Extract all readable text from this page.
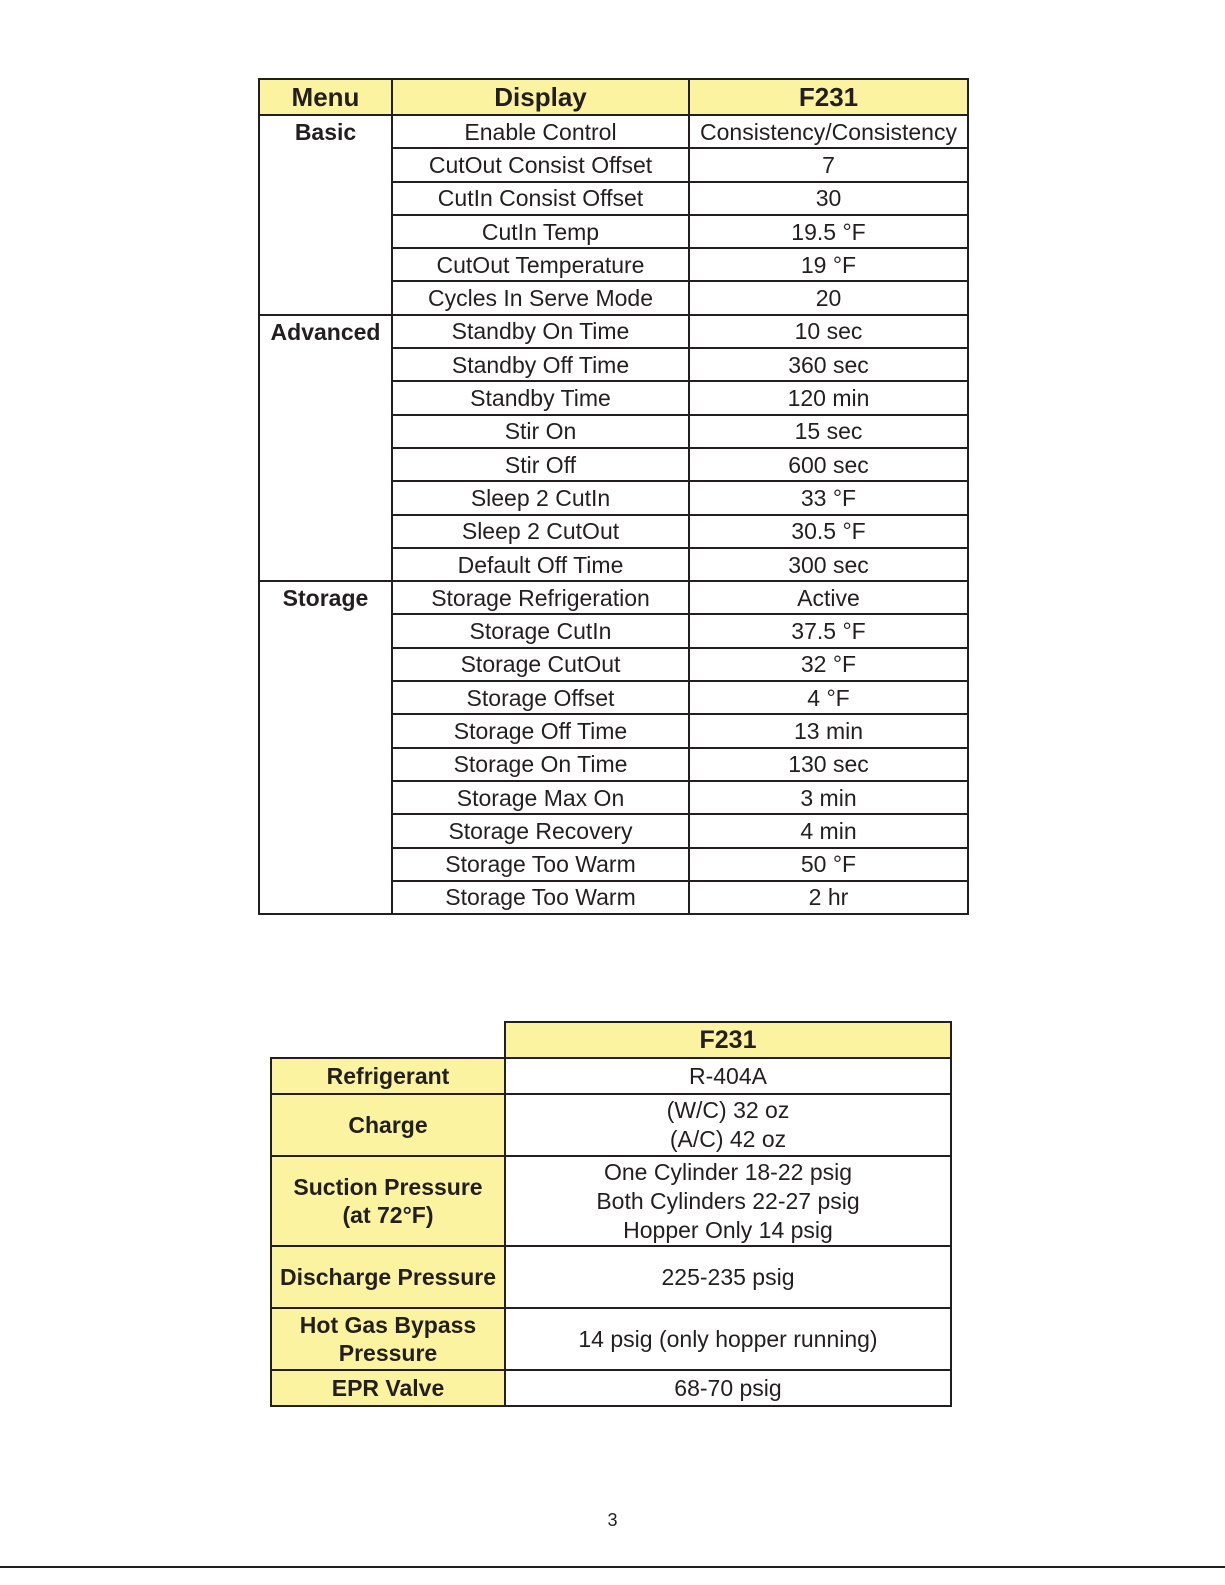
Menu	Display	F231
Basic	Enable Control	Consistency/Consistency
	CutOut Consist Offset	7
	CutIn Consist Offset	30
	CutIn Temp	19.5 °F
	CutOut Temperature	19 °F
	Cycles In Serve Mode	20
Advanced	Standby On Time	10 sec
	Standby Off Time	360 sec
	Standby Time	120 min
	Stir On	15 sec
	Stir Off	600 sec
	Sleep 2 CutIn	33 °F
	Sleep 2 CutOut	30.5 °F
	Default Off Time	300 sec
Storage	Storage Refrigeration	Active
	Storage CutIn	37.5 °F
	Storage CutOut	32 °F
	Storage Offset	4 °F
	Storage Off Time	13 min
	Storage On Time	130 sec
	Storage Max On	3 min
	Storage Recovery	4 min
	Storage Too Warm	50 °F
	Storage Too Warm	2 hr
	F231

Refrigerant	R-404A

Charge	(W/C) 32 oz
(A/C) 42 oz

Suction Pressure
(at 72°F)	One Cylinder 18-22 psig
Both Cylinders 22-27 psig
Hopper Only 14 psig

Discharge Pressure	225-235 psig

Hot Gas Bypass
Pressure	14 psig (only hopper running)

EPR Valve	68-70 psig
3
